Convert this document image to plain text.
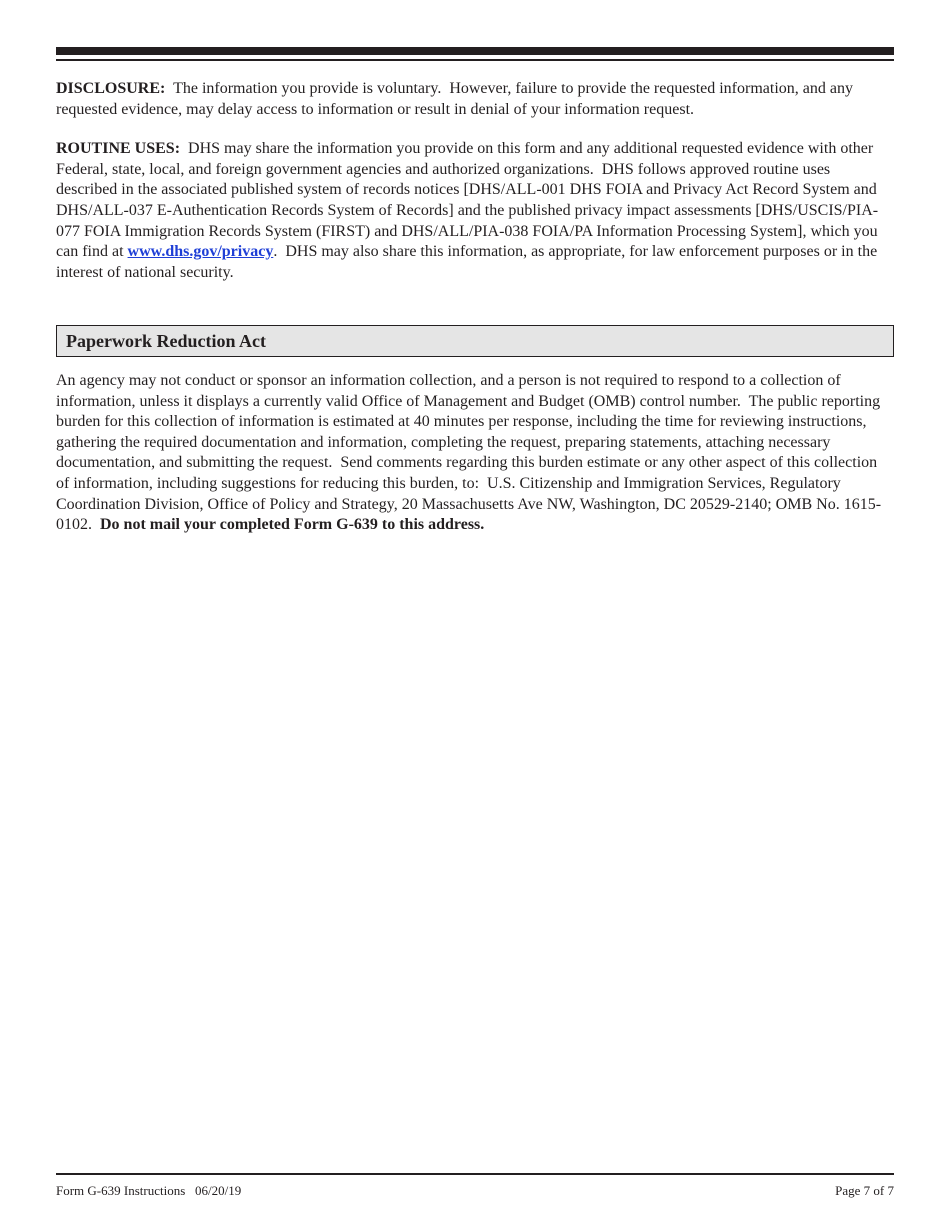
DISCLOSURE:  The information you provide is voluntary.  However, failure to provide the requested information, and any requested evidence, may delay access to information or result in denial of your information request.

ROUTINE USES:  DHS may share the information you provide on this form and any additional requested evidence with other Federal, state, local, and foreign government agencies and authorized organizations.  DHS follows approved routine uses described in the associated published system of records notices [DHS/ALL-001 DHS FOIA and Privacy Act Record System and DHS/ALL-037 E-Authentication Records System of Records] and the published privacy impact assessments [DHS/USCIS/PIA-077 FOIA Immigration Records System (FIRST) and DHS/ALL/PIA-038 FOIA/PA Information Processing System], which you can find at www.dhs.gov/privacy.  DHS may also share this information, as appropriate, for law enforcement purposes or in the interest of national security.

Paperwork Reduction Act

An agency may not conduct or sponsor an information collection, and a person is not required to respond to a collection of information, unless it displays a currently valid Office of Management and Budget (OMB) control number.  The public reporting burden for this collection of information is estimated at 40 minutes per response, including the time for reviewing instructions, gathering the required documentation and information, completing the request, preparing statements, attaching necessary documentation, and submitting the request.  Send comments regarding this burden estimate or any other aspect of this collection of information, including suggestions for reducing this burden, to:  U.S. Citizenship and Immigration Services, Regulatory Coordination Division, Office of Policy and Strategy, 20 Massachusetts Ave NW, Washington, DC 20529-2140; OMB No. 1615-0102.  Do not mail your completed Form G-639 to this address.

Form G-639 Instructions   06/20/19	Page 7 of 7
